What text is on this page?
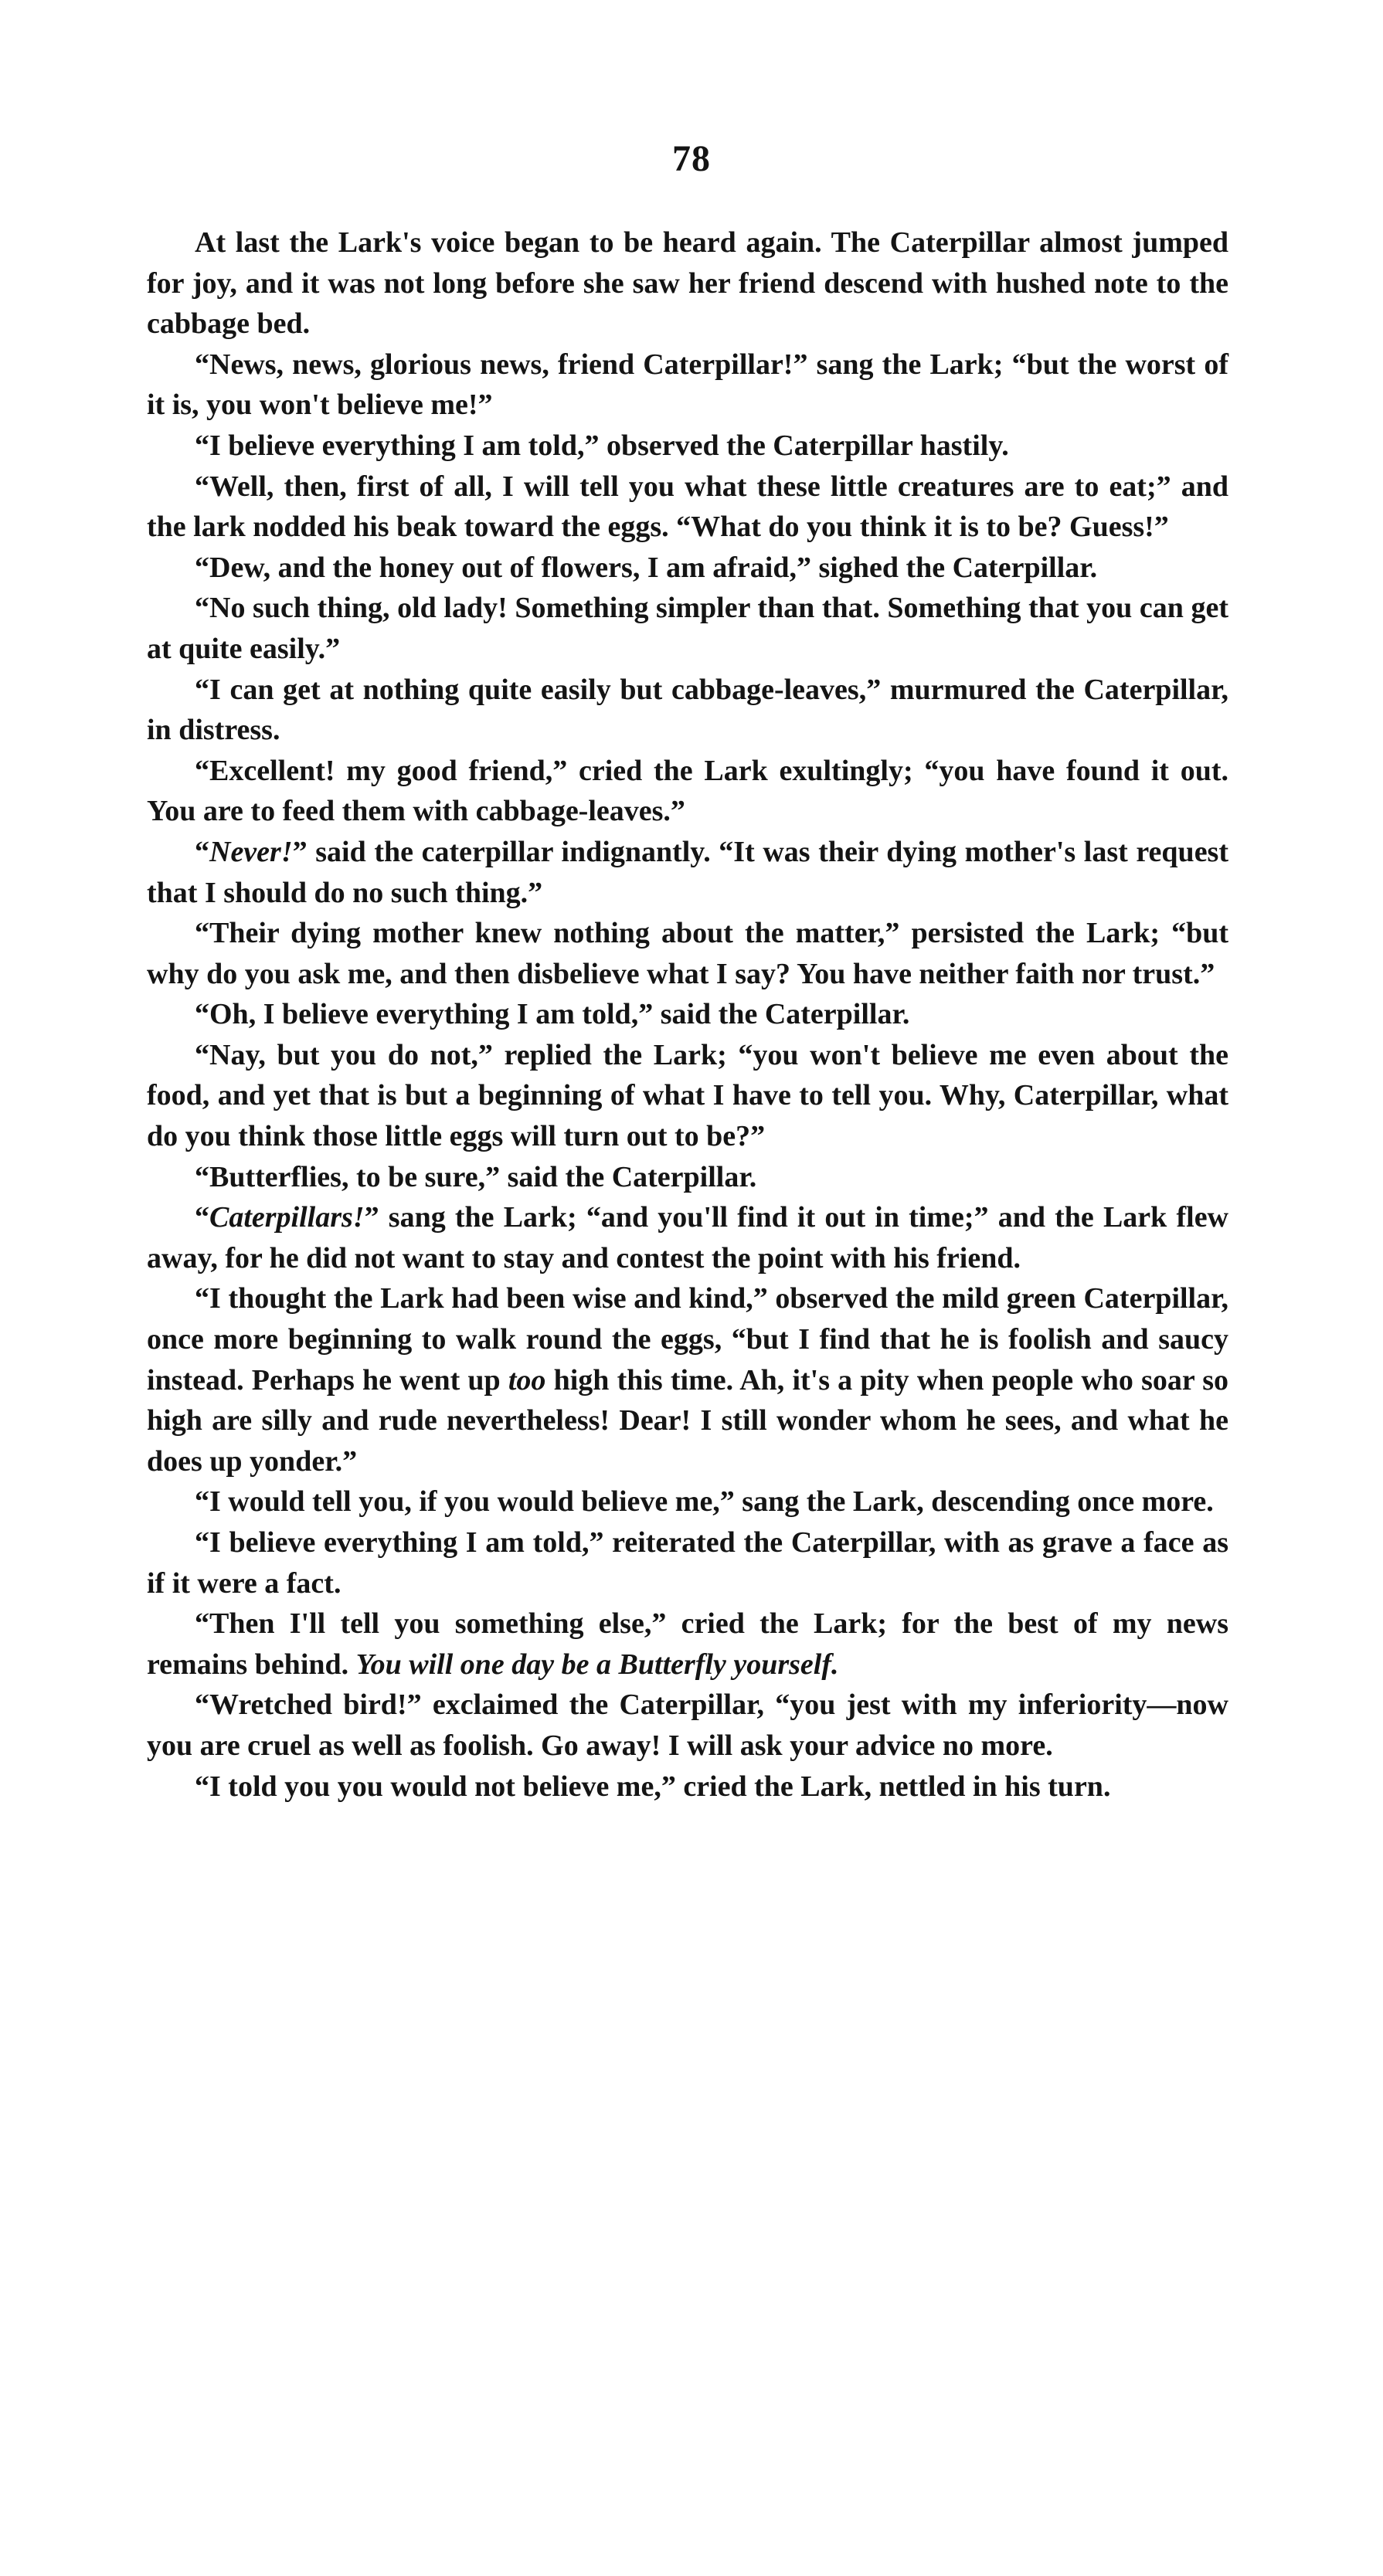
78

At last the Lark's voice began to be heard again. The Caterpillar almost jumped for joy, and it was not long before she saw her friend descend with hushed note to the cabbage bed.

“News, news, glorious news, friend Caterpillar!” sang the Lark; “but the worst of it is, you won't believe me!”

“I believe everything I am told,” observed the Caterpillar hastily.

“Well, then, first of all, I will tell you what these little creatures are to eat;” and the lark nodded his beak toward the eggs. “What do you think it is to be? Guess!”

“Dew, and the honey out of flowers, I am afraid,” sighed the Caterpillar.

“No such thing, old lady! Something simpler than that. Something that you can get at quite easily.”

“I can get at nothing quite easily but cabbage-leaves,” murmured the Caterpillar, in distress.

“Excellent! my good friend,” cried the Lark exultingly; “you have found it out. You are to feed them with cabbage-leaves.”

“Never!” said the caterpillar indignantly. “It was their dying mother's last request that I should do no such thing.”

“Their dying mother knew nothing about the matter,” persisted the Lark; “but why do you ask me, and then disbelieve what I say? You have neither faith nor trust.”

“Oh, I believe everything I am told,” said the Caterpillar.

“Nay, but you do not,” replied the Lark; “you won't believe me even about the food, and yet that is but a beginning of what I have to tell you. Why, Caterpillar, what do you think those little eggs will turn out to be?”

“Butterflies, to be sure,” said the Caterpillar.

“Caterpillars!” sang the Lark; “and you'll find it out in time;” and the Lark flew away, for he did not want to stay and contest the point with his friend.

“I thought the Lark had been wise and kind,” observed the mild green Caterpillar, once more beginning to walk round the eggs, “but I find that he is foolish and saucy instead. Perhaps he went up too high this time. Ah, it's a pity when people who soar so high are silly and rude nevertheless! Dear! I still wonder whom he sees, and what he does up yonder.”

“I would tell you, if you would believe me,” sang the Lark, descending once more.

“I believe everything I am told,” reiterated the Caterpillar, with as grave a face as if it were a fact.

“Then I'll tell you something else,” cried the Lark; for the best of my news remains behind. You will one day be a Butterfly yourself.

“Wretched bird!” exclaimed the Caterpillar, “you jest with my inferiority—now you are cruel as well as foolish. Go away! I will ask your advice no more.

“I told you you would not believe me,” cried the Lark, nettled in his turn.
